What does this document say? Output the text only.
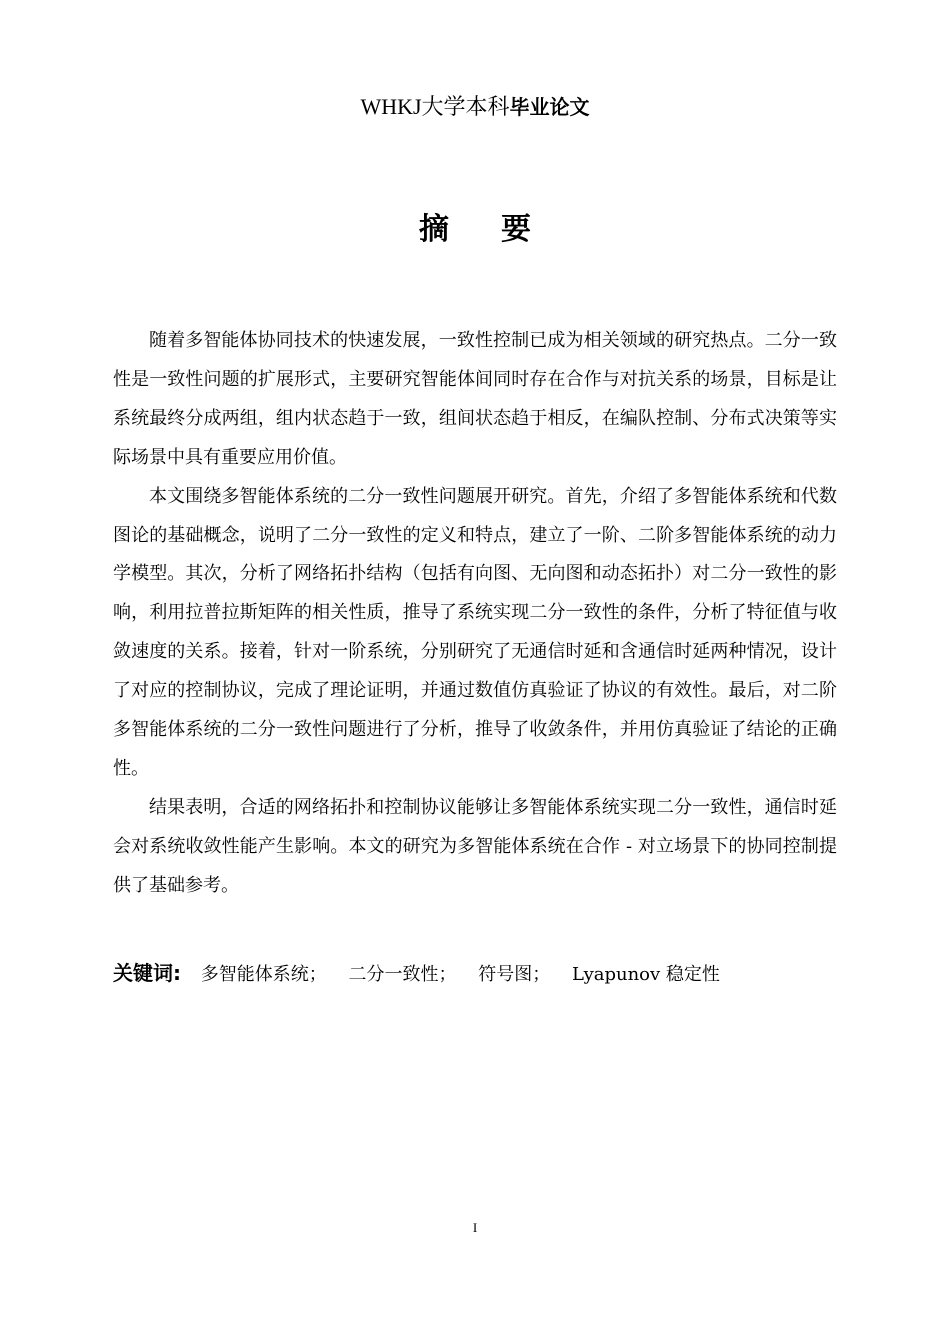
WHKJ大学本科毕业论文
摘 要

随着多智能体协同技术的快速发展，一致性控制已成为相关领域的研究热点。二分一致性是一致性问题的扩展形式，主要研究智能体间同时存在合作与对抗关系的场景，目标是让系统最终分成两组，组内状态趋于一致，组间状态趋于相反，在编队控制、分布式决策等实际场景中具有重要应用价值。

本文围绕多智能体系统的二分一致性问题展开研究。首先，介绍了多智能体系统和代数图论的基础概念，说明了二分一致性的定义和特点，建立了一阶、二阶多智能体系统的动力学模型。其次，分析了网络拓扑结构（包括有向图、无向图和动态拓扑）对二分一致性的影响，利用拉普拉斯矩阵的相关性质，推导了系统实现二分一致性的条件，分析了特征值与收敛速度的关系。接着，针对一阶系统，分别研究了无通信时延和含通信时延两种情况，设计了对应的控制协议，完成了理论证明，并通过数值仿真验证了协议的有效性。最后，对二阶多智能体系统的二分一致性问题进行了分析，推导了收敛条件，并用仿真验证了结论的正确性。

结果表明，合适的网络拓扑和控制协议能够让多智能体系统实现二分一致性，通信时延会对系统收敛性能产生影响。本文的研究为多智能体系统在合作 - 对立场景下的协同控制提供了基础参考。

关键词: 多智能体系统； 二分一致性； 符号图； Lyapunov 稳定性
I
